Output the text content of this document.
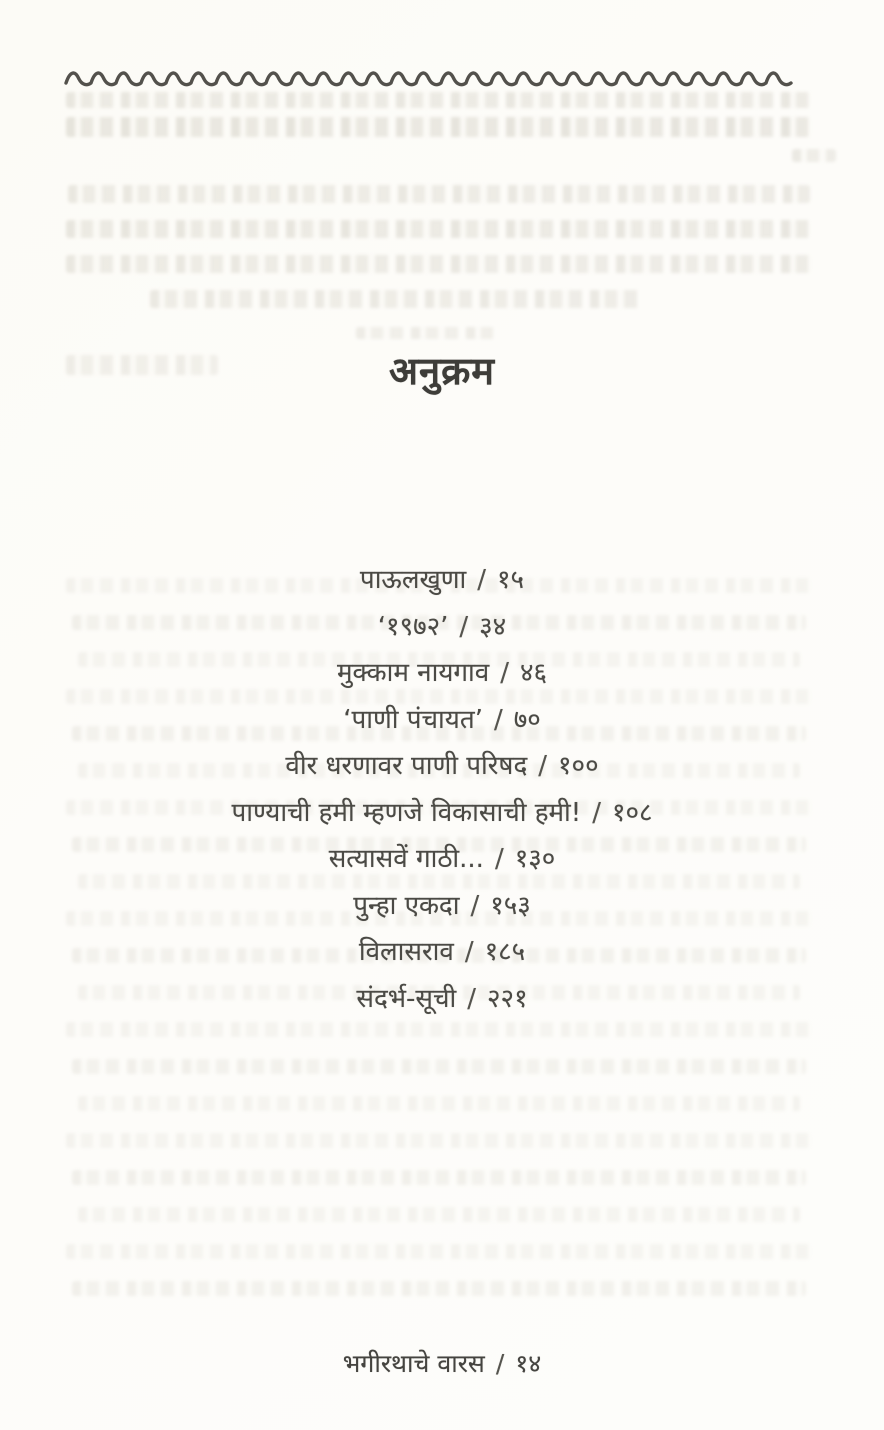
अनुक्रम
पाऊलखुणा / १५
‘१९७२’ / ३४
मुक्काम नायगाव / ४६
‘पाणी पंचायत’ / ७०
वीर धरणावर पाणी परिषद / १००
पाण्याची हमी म्हणजे विकासाची हमी! / १०८
सत्यासवें गाठी... / १३०
पुन्हा एकदा / १५३
विलासराव / १८५
संदर्भ-सूची / २२१
भगीरथाचे वारस / १४
